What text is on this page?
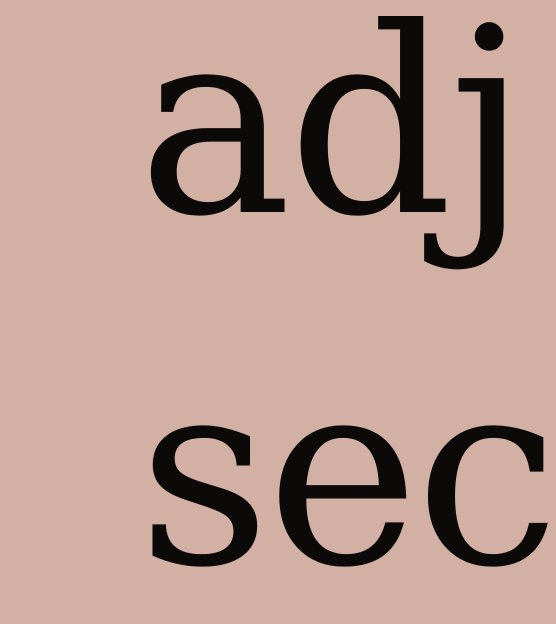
adj
sec
